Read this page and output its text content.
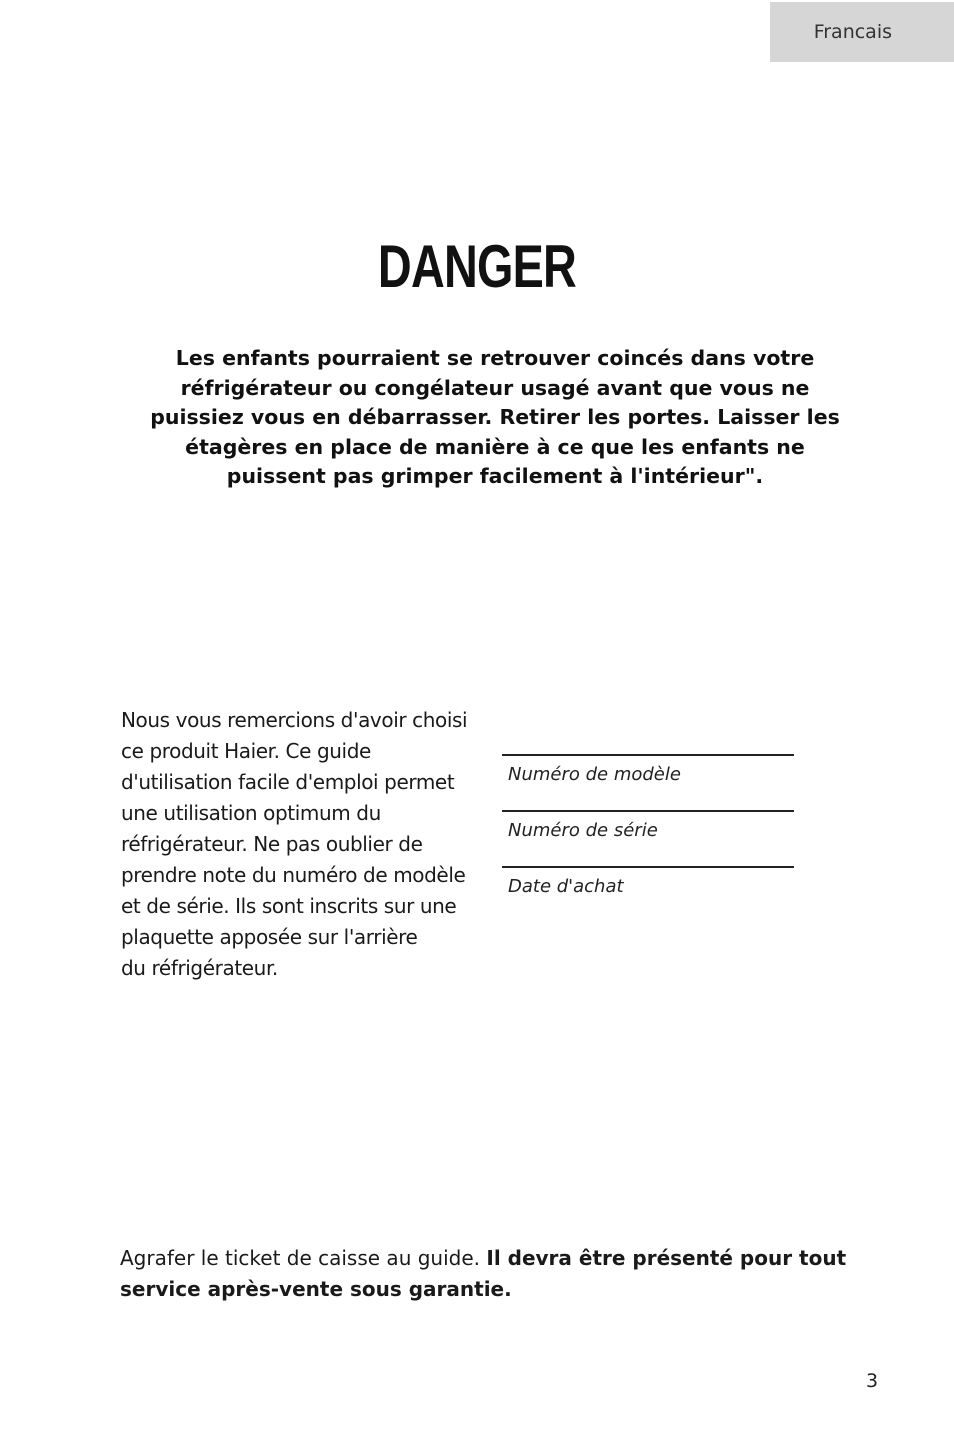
Francais
DANGER

Les enfants pourraient se retrouver coincés dans votre réfrigérateur ou congélateur usagé avant que vous ne puissiez vous en débarrasser. Retirer les portes. Laisser les étagères en place de manière à ce que les enfants ne puissent pas grimper facilement à l'intérieur".

Nous vous remercions d'avoir choisi
ce produit Haier. Ce guide
d'utilisation facile d'emploi permet
une utilisation optimum du
réfrigérateur. Ne pas oublier de
prendre note du numéro de modèle
et de série. Ils sont inscrits sur une
plaquette apposée sur l'arrière
du réfrigérateur.

Numéro de modèle
Numéro de série
Date d'achat

Agrafer le ticket de caisse au guide. Il devra être présenté pour tout service après-vente sous garantie.

3
